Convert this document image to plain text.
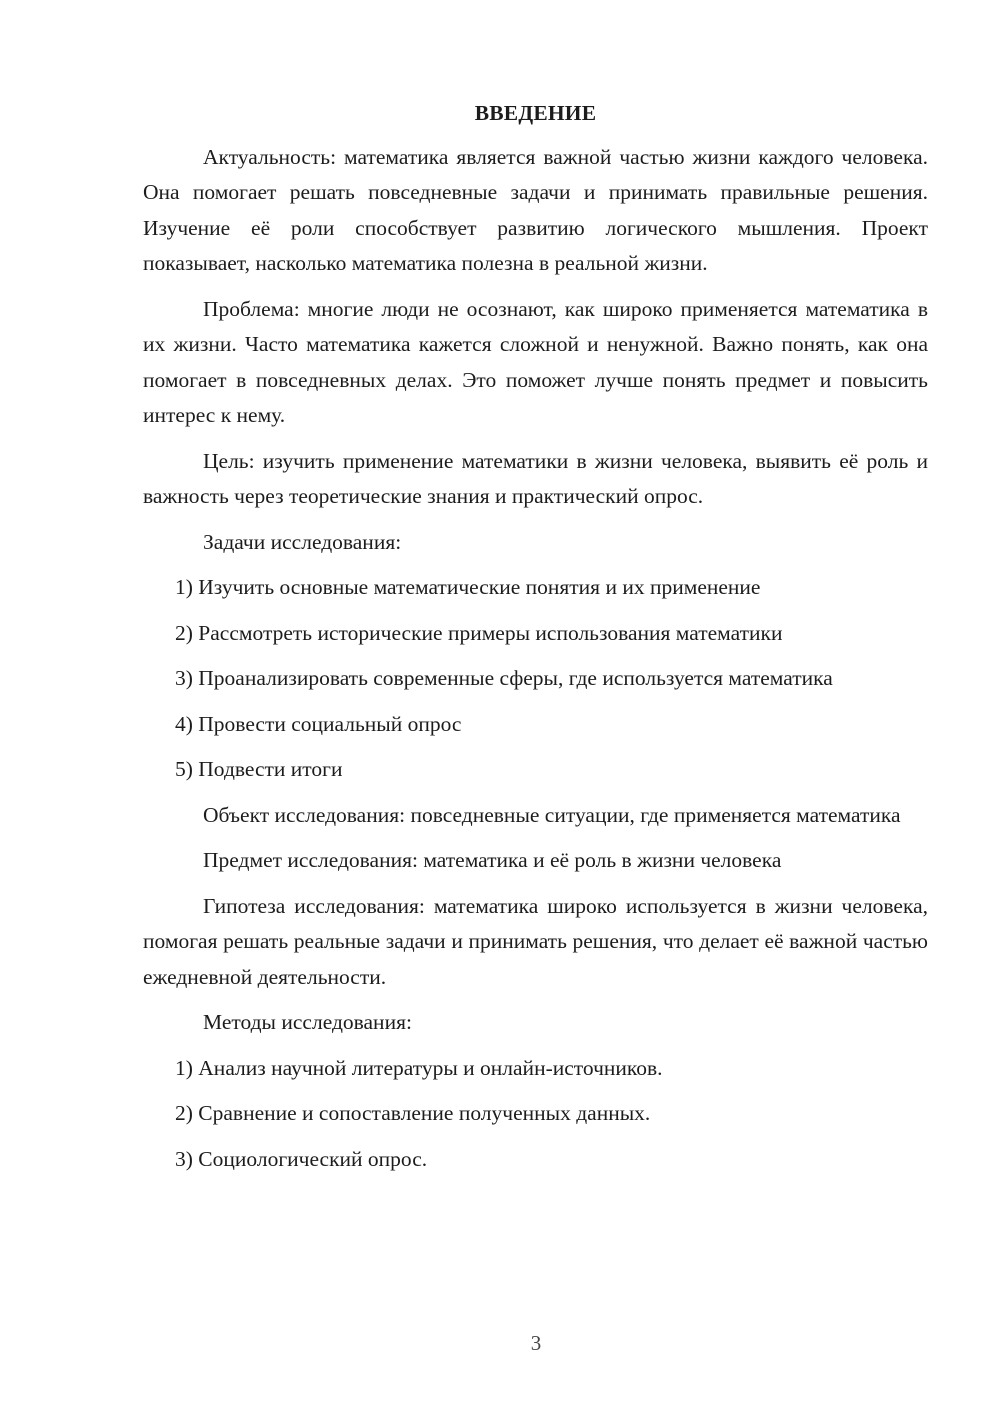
ВВЕДЕНИЕ

Актуальность: математика является важной частью жизни каждого человека. Она помогает решать повседневные задачи и принимать правильные решения. Изучение её роли способствует развитию логического мышления. Проект показывает, насколько математика полезна в реальной жизни.

Проблема: многие люди не осознают, как широко применяется математика в их жизни. Часто математика кажется сложной и ненужной. Важно понять, как она помогает в повседневных делах. Это поможет лучше понять предмет и повысить интерес к нему.

Цель: изучить применение математики в жизни человека, выявить её роль и важность через теоретические знания и практический опрос.

Задачи исследования:

1) Изучить основные математические понятия и их применение

2) Рассмотреть исторические примеры использования математики

3) Проанализировать современные сферы, где используется математика

4) Провести социальный опрос

5) Подвести итоги

Объект исследования: повседневные ситуации, где применяется математика

Предмет исследования: математика и её роль в жизни человека

Гипотеза исследования: математика широко используется в жизни человека, помогая решать реальные задачи и принимать решения, что делает её важной частью ежедневной деятельности.

Методы исследования:

1) Анализ научной литературы и онлайн-источников.

2) Сравнение и сопоставление полученных данных.

3) Социологический опрос.

3
